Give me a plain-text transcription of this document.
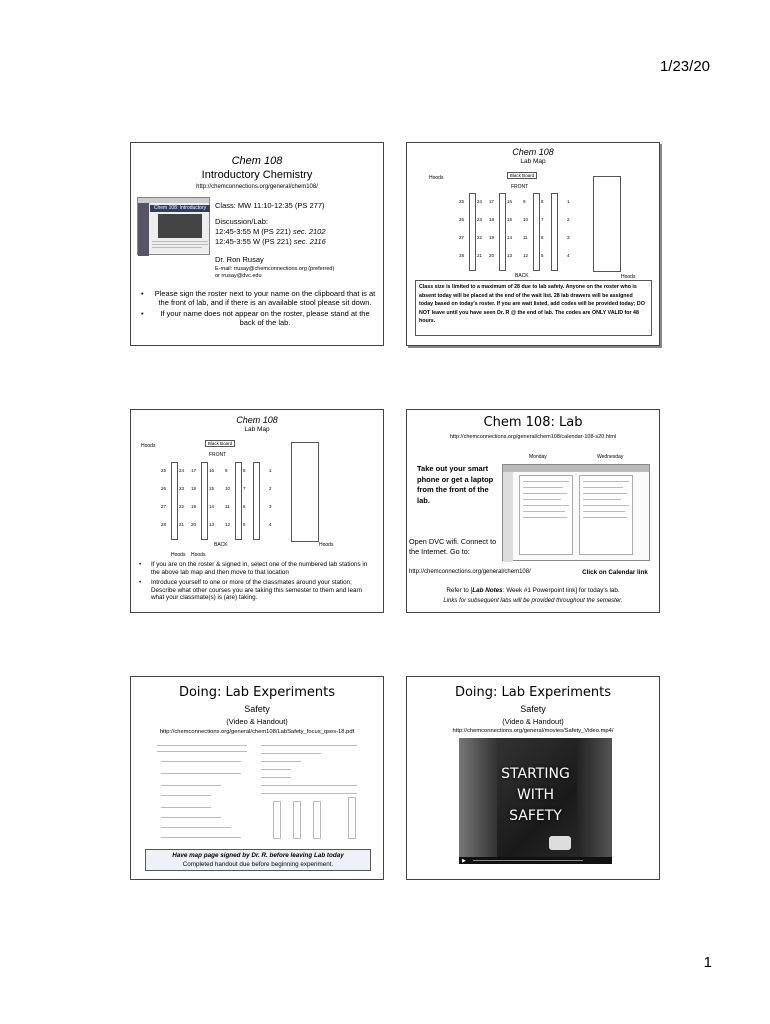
1/23/20
Chem 108
Introductory Chemistry
http://chemconnections.org/general/chem108/
Chem 108: Introductory	Class: MW 11:10-12:35 (PS 277)
Discussion/Lab:
12:45-3:55 M (PS 221) sec. 2102
12:45-3:55 W (PS 221) sec. 2116
Dr. Ron Rusay
E-mail: rrusay@chemconnections.org (preferred)
or rrusay@dvc.edu
•	Please sign the roster next to your name on the clipboard that is at the front of lab, and if there is an available stool please sit down.
•	If your name does not appear on the roster, please stand at the back of the lab.
Chem 108
Lab Map
Hoods	Black Board
FRONT
25	24
26	23
27	22
28	21
17	16
18	15
19	14
20	13
9	8
10	7
11	6
12	5
1
2
3
4
BACK	Hoods
Class size is limited to a maximum of 28 due to lab safety. Anyone on the roster who is absent today will be placed at the end of the wait list. 28 lab drawers will be assigned today based on today's roster. If you are wait listed, add codes will be provided today; DO NOT leave until you have seen Dr. R @ the end of lab. The codes are ONLY VALID for 48 hours.
Chem 108
Lab Map
Hoods	Black Board
FRONT
25	24
26	23
27	22
28	21
17	16
18	15
19	14
20	13
9	8
10	7
11	6
12	5
1
2
3
4
BACK
Hoods Hoods
Hoods
•	If you are on the roster & signed in, select one of the numbered lab stations in the above lab map and then move to that location
•	Introduce yourself to one or more of the classmates around your station; Describe what other courses you are taking this semester to them and learn what your classmate(s) is (are) taking.
Chem 108: Lab
http://chemconnections.org/general/chem108/calendar-108-s20.html
Monday	Wednesday
Take out your smart phone or get a laptop from the front of the lab.
Open DVC wifi. Connect to the Internet. Go to:
http://chemconnections.org/general/chem108/	Click on Calendar link
Refer to [Lab Notes: Week #1 Powerpoint link] for today's lab.
Links for subsequent labs will be provided throughout the semester.
Doing: Lab Experiments
Safety
(Video & Handout)
http://chemconnections.org/general/chem108/LabSafety_focus_qses-18.pdf
Have map page signed by Dr. R. before leaving Lab today
Completed handout due before beginning experiment.
Doing: Lab Experiments
Safety
(Video & Handout)
http://chemconnections.org/general/movies/Safety_Video.mp4/
STARTING
WITH
SAFETY
▶
1
